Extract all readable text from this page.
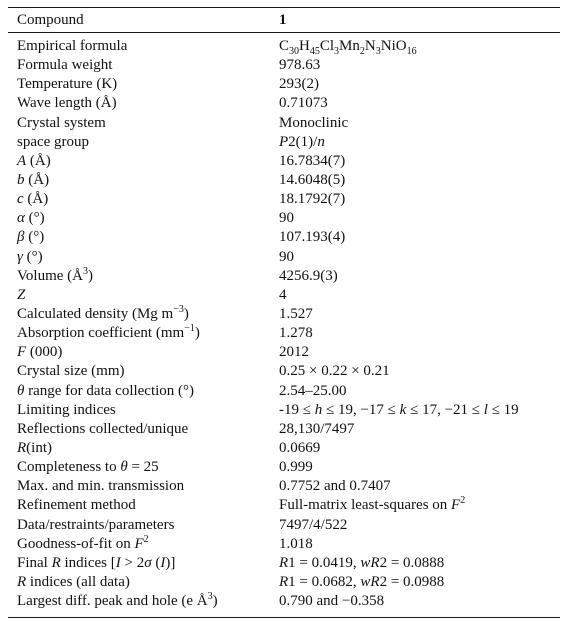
Compound	1
Empirical formula	$C_{30}H_{45}Cl_3Mn_2N_3NiO_{16}$
Formula weight	978.63
Temperature (K)	293(2)
Wave length (Å)	0.71073
Crystal system	Monoclinic
space group	P2(1)/n
A (Å)	16.7834(7)
b (Å)	14.6048(5)
c (Å)	18.1792(7)
α (°)	90
β (°)	107.193(4)
γ (°)	90
Volume $(Å^3)$	4256.9(3)
Z	4
Calculated density (Mg $m^{-3}$)	1.527
Absorption coefficient $(mm^{-1})$	1.278
F (000)	2012
Crystal size (mm)	0.25 × 0.22 × 0.21
θ range for data collection (°)	2.54–25.00
Limiting indices	-19 ≤ h ≤ 19, −17 ≤ k ≤ 17, −21 ≤ l ≤ 19
Reflections collected/unique	28,130/7497
R(int)	0.0669
Completeness to θ = 25	0.999
Max. and min. transmission	0.7752 and 0.7407
Refinement method	Full-matrix least-squares on $F^2$
Data/restraints/parameters	7497/4/522
Goodness-of-fit on $F^2$	1.018
Final R indices [I > 2σ (I)]	R1 = 0.0419, wR2 = 0.0888
R indices (all data)	R1 = 0.0682, wR2 = 0.0988
Largest diff. peak and hole (e $Å^3$)	0.790 and −0.358
